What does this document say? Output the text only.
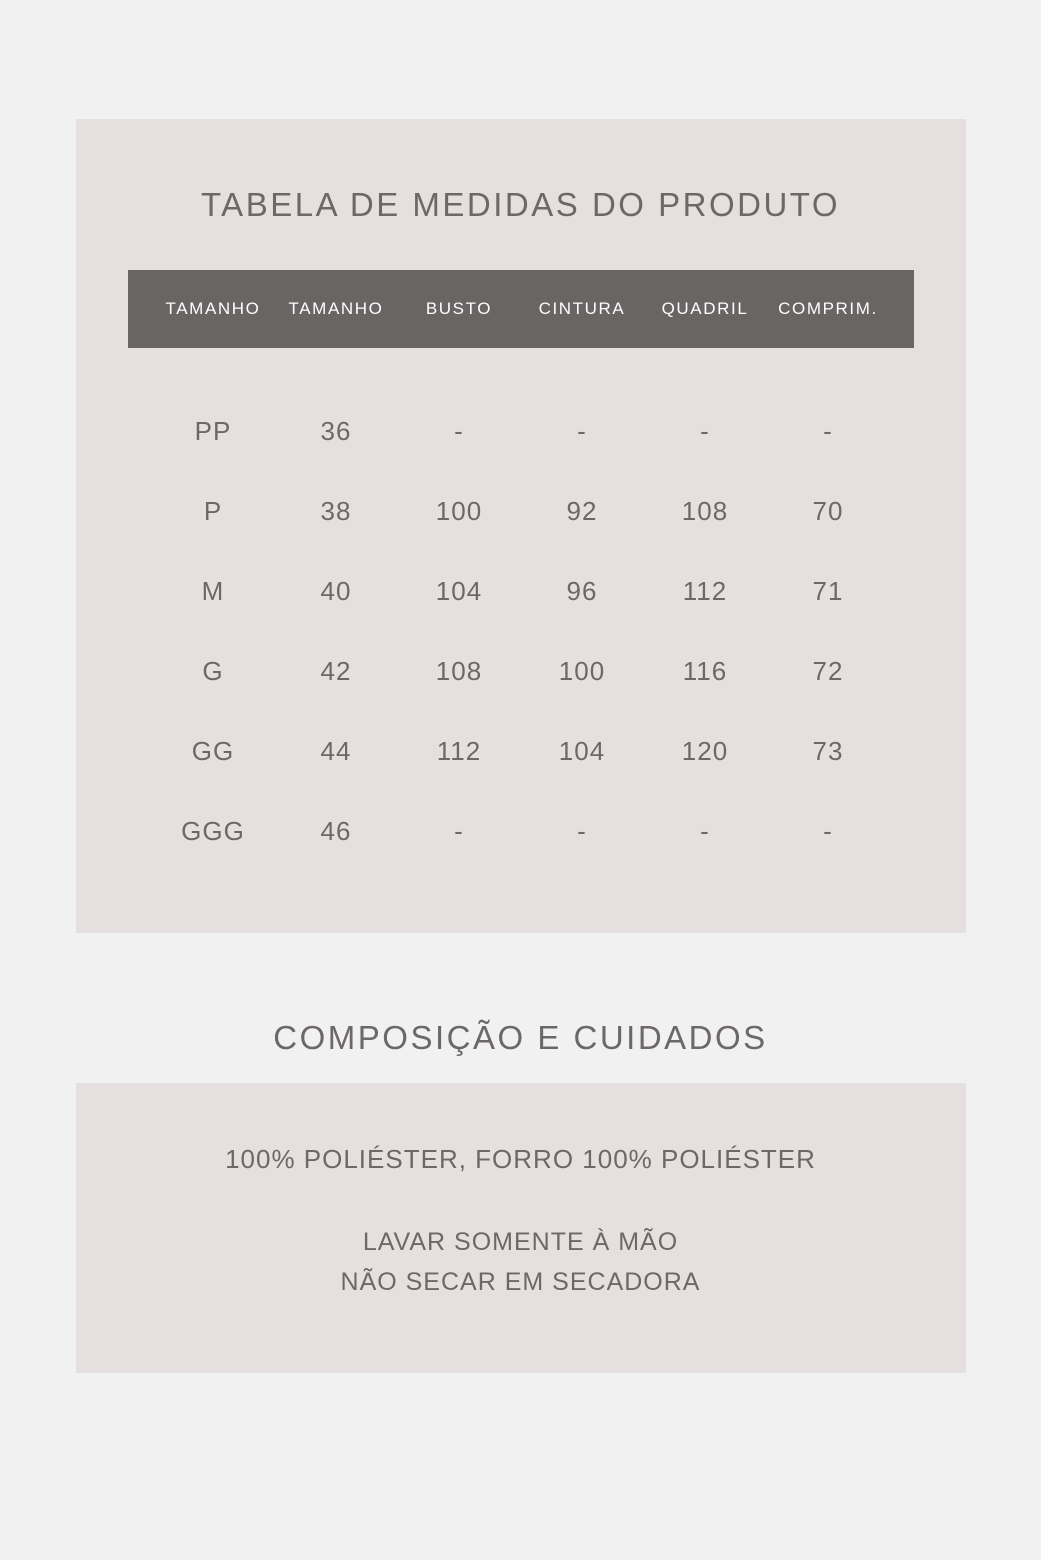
TABELA DE MEDIDAS DO PRODUTO
TAMANHO	TAMANHO	BUSTO	CINTURA	QUADRIL	COMPRIM.
PP	36	-	-	-	-
P	38	100	92	108	70
M	40	104	96	112	71
G	42	108	100	116	72
GG	44	112	104	120	73
GGG	46	-	-	-	-
COMPOSIÇÃO E CUIDADOS

100% POLIÉSTER, FORRO 100% POLIÉSTER

LAVAR SOMENTE À MÃO

NÃO SECAR EM SECADORA
